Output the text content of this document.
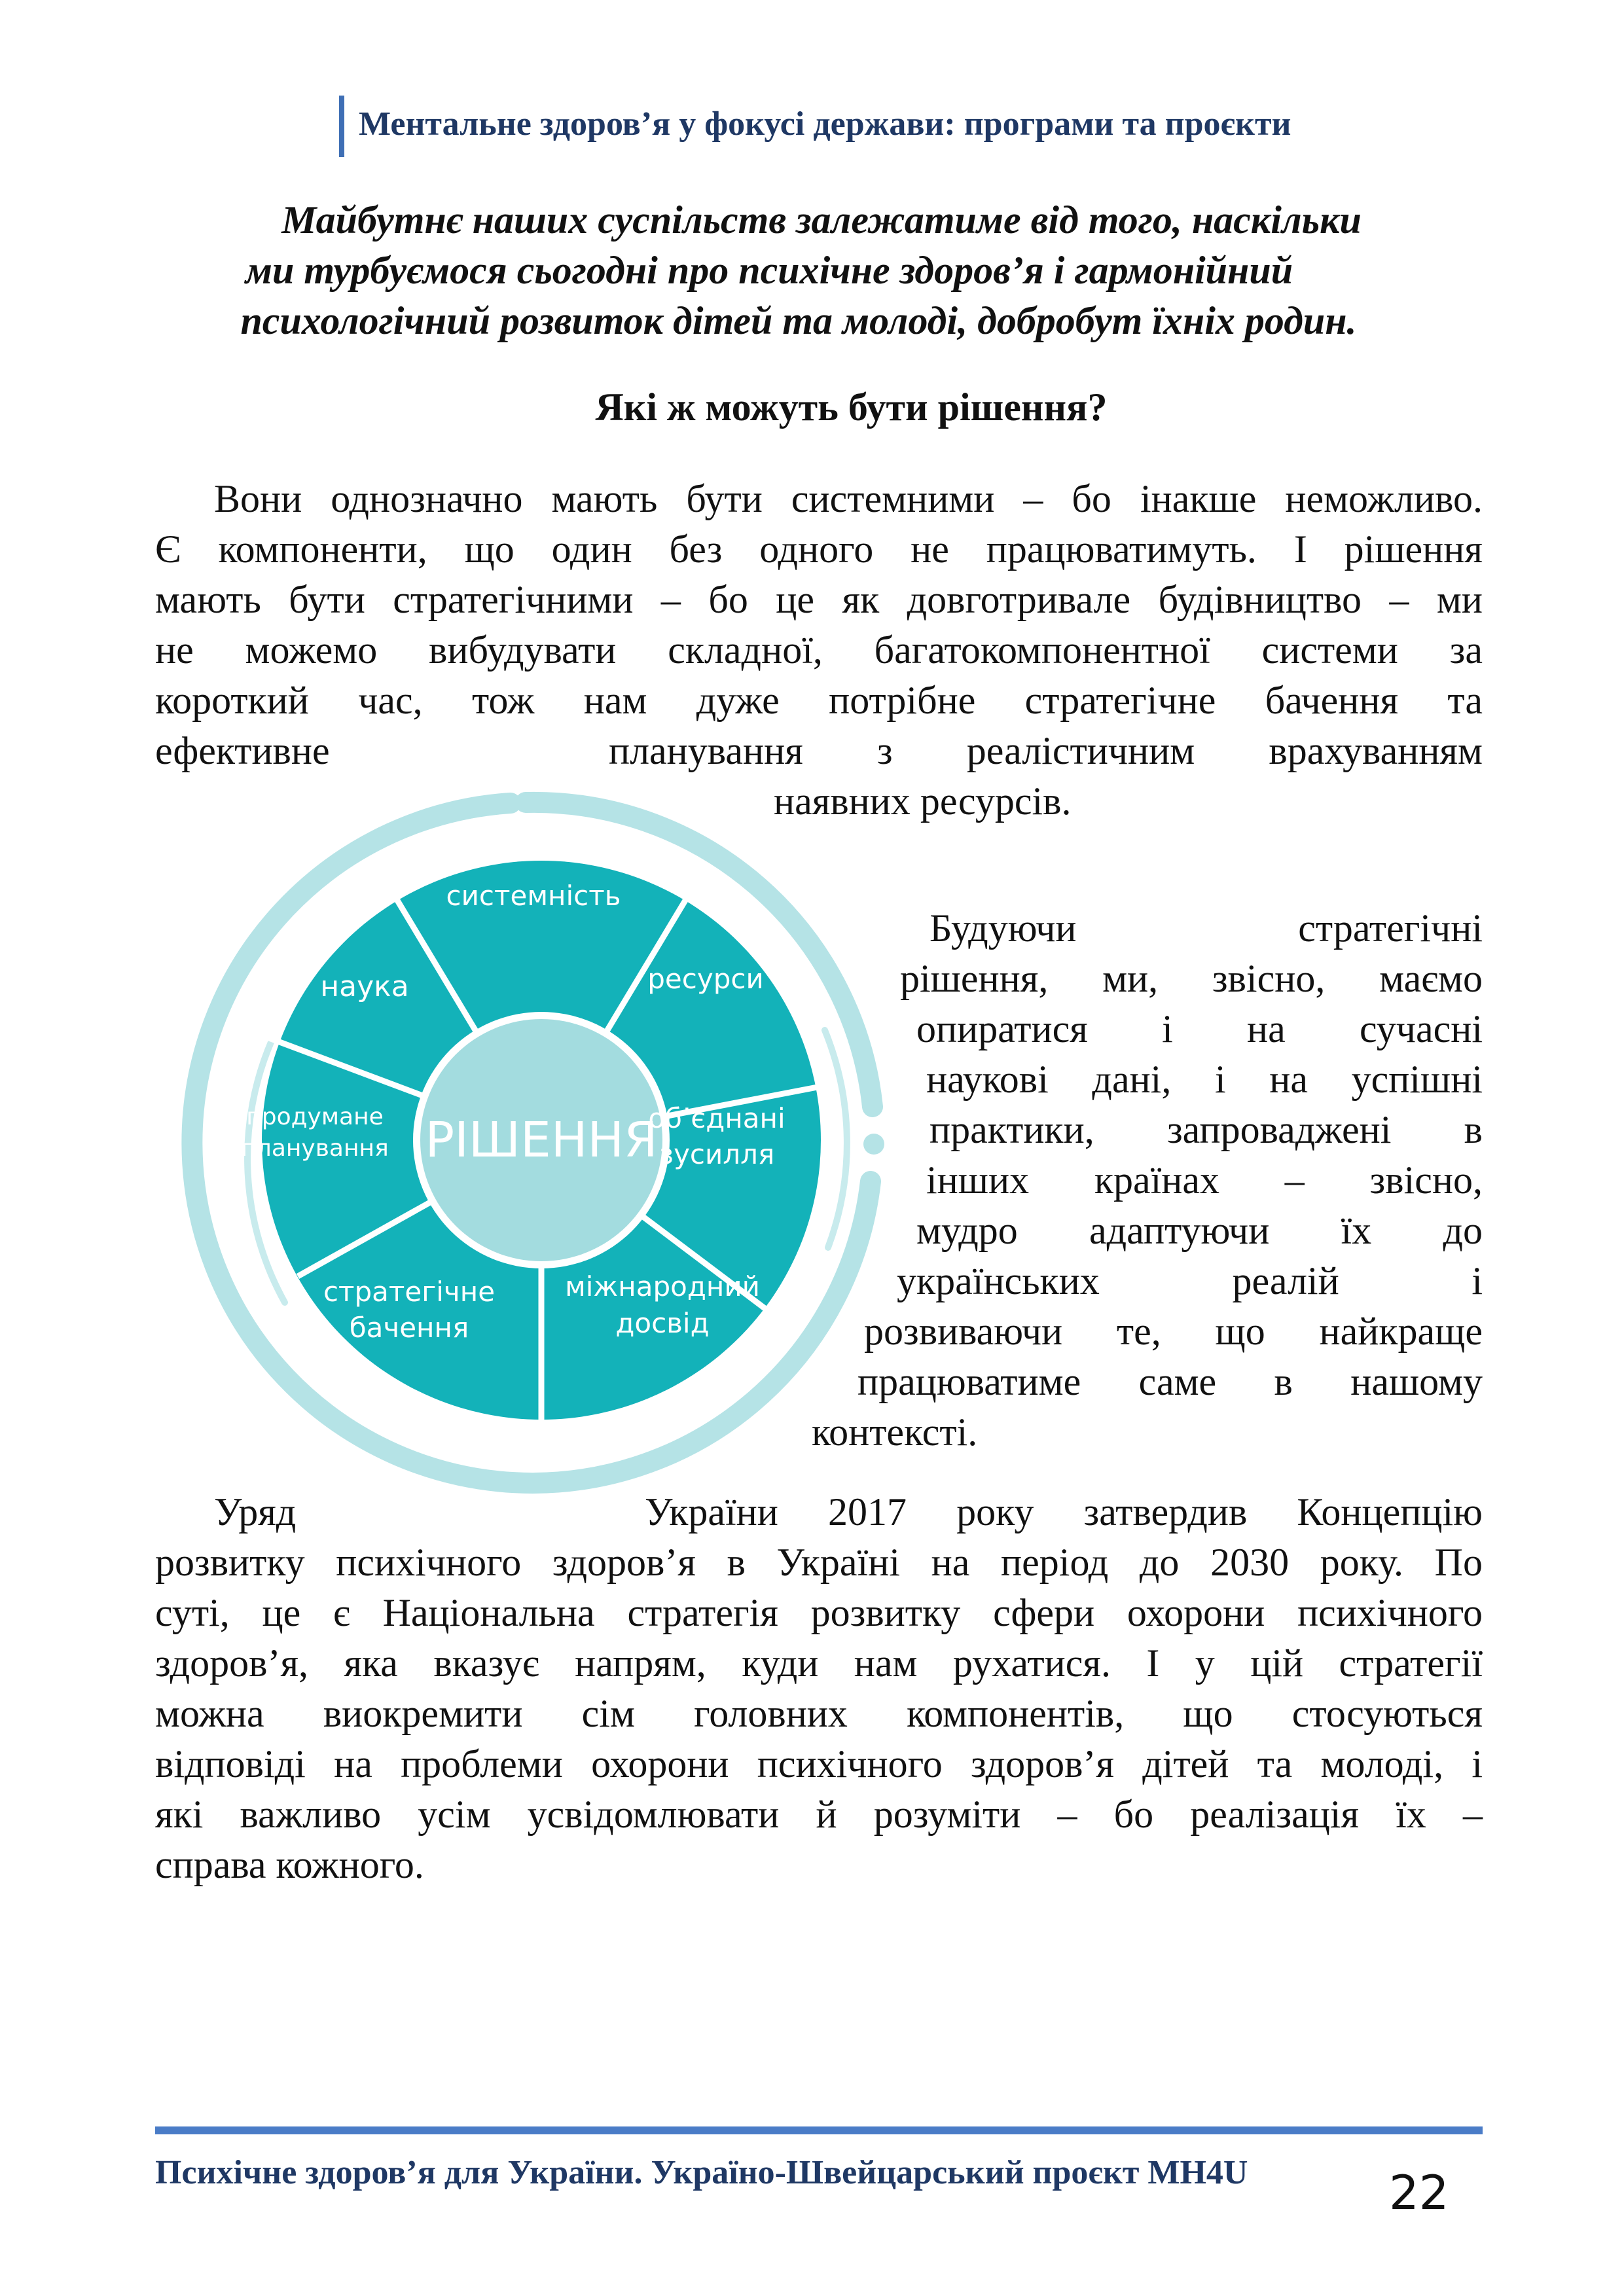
Ментальне здоров’я у фокусі держави: програми та проєкти
Майбутнє наших суспільств залежатиме від того, наскільки
ми турбуємося сьогодні про психічне здоров’я і гармонійний
психологічний розвиток дітей та молоді, добробут їхніх родин.
Які ж можуть бути рішення?

Вони однозначно мають бути системними – бо інакше неможливо.

Є компоненти, що один без одного не працюватимуть. І рішення

мають бути стратегічними – бо це як довготривале будівництво – ми

не можемо вибудувати складної, багатокомпонентної системи за

короткий час, тож нам дуже потрібне стратегічне бачення та

ефективне	планування з реалістичним врахуванням

наявних ресурсів.

РІШЕННЯ
системність
ресурси
об’єднані
зусилля
міжнародний
досвід
стратегічне
бачення
продумане
планування
наука

Будуючи	стратегічні

рішення, ми, звісно, маємо

опиратися і на сучасні

наукові дані, і на успішні

практики, запроваджені в

інших країнах – звісно,

мудро адаптуючи їх до

українських	реалій	і

розвиваючи те, що найкраще

працюватиме саме в нашому

контексті.

Уряд	України 2017 року затвердив Концепцію

розвитку психічного здоров’я в Україні на період до 2030 року. По

суті, це є Національна стратегія розвитку сфери охорони психічного

здоров’я, яка вказує напрям, куди нам рухатися. І у цій стратегії

можна виокремити сім головних компонентів, що стосуються

відповіді на проблеми охорони психічного здоров’я дітей та молоді, і

які важливо усім усвідомлювати й розуміти – бо реалізація їх –

справа кожного.

Психічне здоров’я для України. Україно-Швейцарський проєкт MH4U	22
